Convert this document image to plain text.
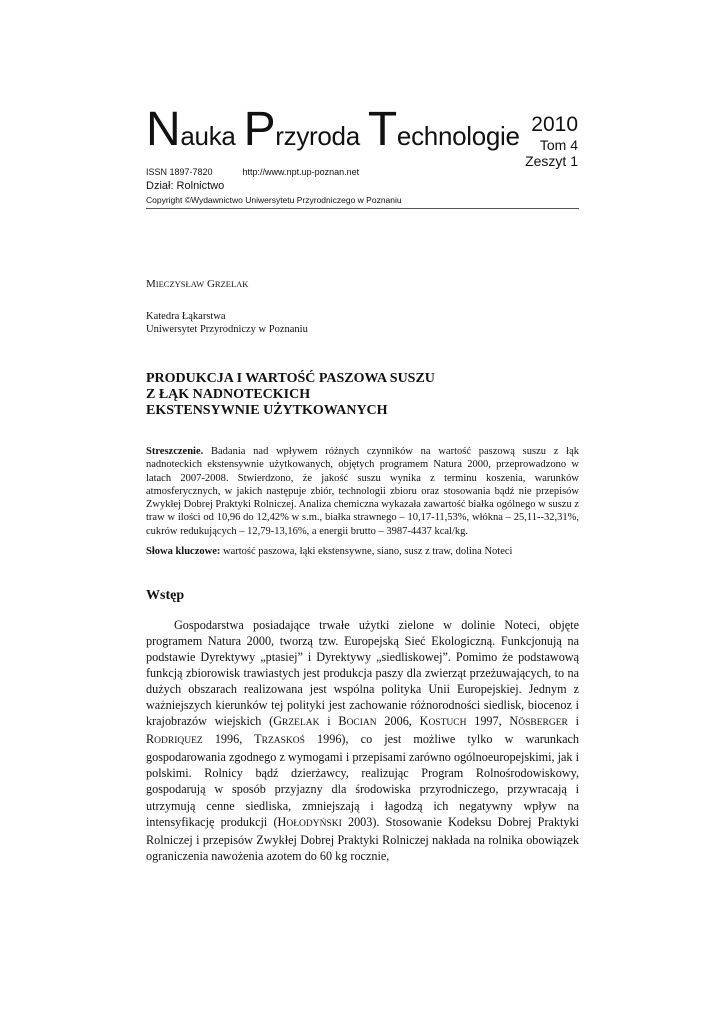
Nauka Przyroda Technologie 2010
Tom 4
Zeszyt 1
ISSN 1897-7820	http://www.npt.up-poznan.net
Dział: Rolnictwo
Copyright ©Wydawnictwo Uniwersytetu Przyrodniczego w Poznaniu
MIECZYSŁAW GRZELAK
Katedra Łąkarstwa
Uniwersytet Przyrodniczy w Poznaniu
PRODUKCJA I WARTOŚĆ PASZOWA SUSZU
Z ŁĄK NADNOTECKICH
EKSTENSYWNIE UŻYTKOWANYCH

Streszczenie. Badania nad wpływem różnych czynników na wartość paszową suszu z łąk nadnoteckich ekstensywnie użytkowanych, objętych programem Natura 2000, przeprowadzono w latach 2007-2008. Stwierdzono, że jakość suszu wynika z terminu koszenia, warunków atmosferycznych, w jakich następuje zbiór, technologii zbioru oraz stosowania bądź nie przepisów Zwykłej Dobrej Praktyki Rolniczej. Analiza chemiczna wykazała zawartość białka ogólnego w suszu z traw w ilości od 10,96 do 12,42% w s.m., białka strawnego – 10,17-11,53%, włókna – 25,11--32,31%, cukrów redukujących – 12,79-13,16%, a energii brutto – 3987-4437 kcal/kg.

Słowa kluczowe: wartość paszowa, łąki ekstensywne, siano, susz z traw, dolina Noteci

Wstęp

Gospodarstwa posiadające trwałe użytki zielone w dolinie Noteci, objęte programem Natura 2000, tworzą tzw. Europejską Sieć Ekologiczną. Funkcjonują na podstawie Dyrektywy „ptasiej” i Dyrektywy „siedliskowej”. Pomimo że podstawową funkcją zbiorowisk trawiastych jest produkcja paszy dla zwierząt przeżuwających, to na dużych obszarach realizowana jest wspólna polityka Unii Europejskiej. Jednym z ważniejszych kierunków tej polityki jest zachowanie różnorodności siedlisk, biocenoz i krajobrazów wiejskich (GRZELAK i BOCIAN 2006, KOSTUCH 1997, NÖSBERGER i RODRIQUEZ 1996, TRZASKOŚ 1996), co jest możliwe tylko w warunkach gospodarowania zgodnego z wymogami i przepisami zarówno ogólnoeuropejskimi, jak i polskimi. Rolnicy bądź dzierżawcy, realizując Program Rolnośrodowiskowy, gospodarują w sposób przyjazny dla środowiska przyrodniczego, przywracają i utrzymują cenne siedliska, zmniejszają i łagodzą ich negatywny wpływ na intensyfikację produkcji (HOŁODYŃSKI 2003). Stosowanie Kodeksu Dobrej Praktyki Rolniczej i przepisów Zwykłej Dobrej Praktyki Rolniczej nakłada na rolnika obowiązek ograniczenia nawożenia azotem do 60 kg rocznie,
